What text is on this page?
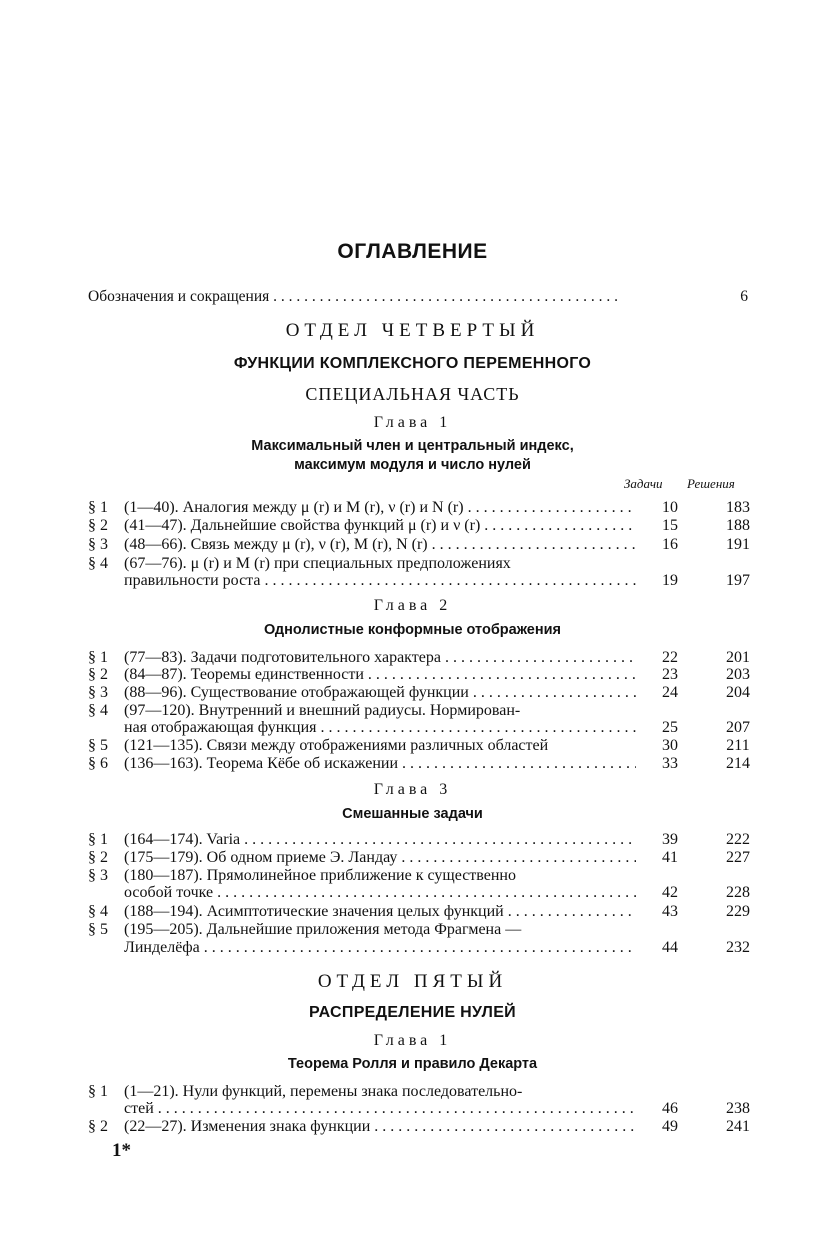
ОГЛАВЛЕНИЕ
Обозначения и сокращения . . .	6
ОТДЕЛ ЧЕТВЕРТЫЙ
ФУНКЦИИ КОМПЛЕКСНОГО ПЕРЕМЕННОГО
СПЕЦИАЛЬНАЯ ЧАСТЬ
Глава 1
Максимальный член и центральный индекс,
максимум модуля и число нулей
Задачи Решения
§ 1	(1—40). Аналогия между μ (r) и M (r), ν (r) и N (r) . . .	10	183
§ 2	(41—47). Дальнейшие свойства функций μ (r) и ν (r) . . .	15	188
§ 3	(48—66). Связь между μ (r), ν (r), M (r), N (r) . . .	16	191
§ 4	(67—76). μ (r) и M (r) при специальных предположениях
правильности роста . . .	19	197
Глава 2
Однолистные конформные отображения
§ 1	(77—83). Задачи подготовительного характера . . .	22	201
§ 2	(84—87). Теоремы единственности . . .	23	203
§ 3	(88—96). Существование отображающей функции . . .	24	204
§ 4	(97—120). Внутренний и внешний радиусы. Нормирован-
ная отображающая функция . . .	25	207
§ 5	(121—135). Связи между отображениями различных областей	30	211
§ 6	(136—163). Теорема Кёбе об искажении . . .	33	214
Глава 3
Смешанные задачи
§ 1	(164—174). Varia . . .	39	222
§ 2	(175—179). Об одном приеме Э. Ландау . . .	41	227
§ 3	(180—187). Прямолинейное приближение к существенно
особой точке . . .	42	228
§ 4	(188—194). Асимптотические значения целых функций . . .	43	229
§ 5	(195—205). Дальнейшие приложения метода Фрагмена —
Линделёфа . . .	44	232
ОТДЕЛ ПЯТЫЙ
РАСПРЕДЕЛЕНИЕ НУЛЕЙ
Глава 1
Теорема Ролля и правило Декарта
§ 1	(1—21). Нули функций, перемены знака последовательно-
стей . . .	46	238
§ 2	(22—27). Изменения знака функции . . .	49	241
1*
